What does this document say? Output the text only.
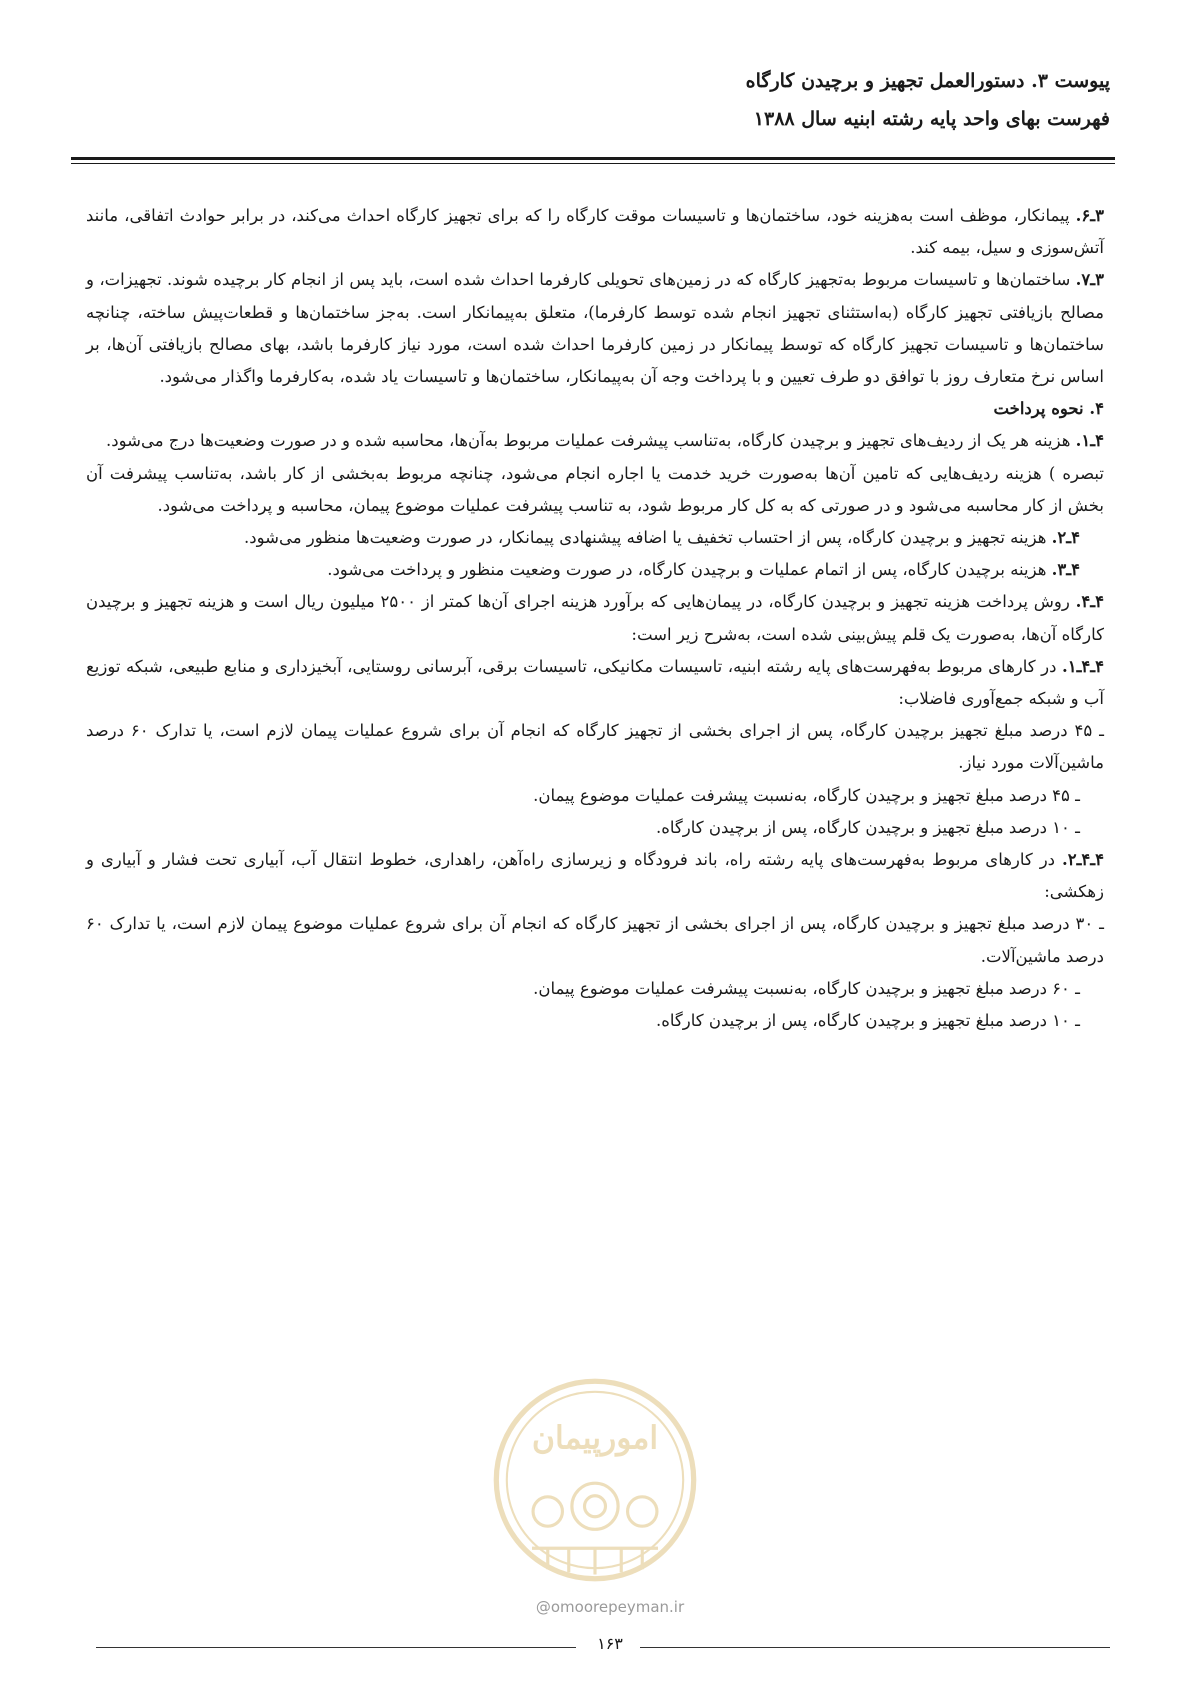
پیوست ۳. دستورالعمل تجهیز و برچیدن کارگاه
فهرست بهای واحد پایه رشته ابنیه سال ۱۳۸۸

۳ـ۶. پیمانکار، موظف است به‌هزینه خود، ساختمان‌ها و تاسیسات موقت کارگاه را که برای تجهیز کارگاه احداث می‌کند، در برابر حوادث اتفاقی، مانند آتش‌سوزی و سیل، بیمه کند.

۳ـ۷. ساختمان‌ها و تاسیسات مربوط به‌تجهیز کارگاه که در زمین‌های تحویلی کارفرما احداث شده است، باید پس از انجام کار برچیده شوند. تجهیزات، و مصالح بازیافتی تجهیز کارگاه (به‌استثنای تجهیز انجام شده توسط کارفرما)، متعلق به‌پیمانکار است. به‌جز ساختمان‌ها و قطعات‌پیش ساخته، چنانچه ساختمان‌ها و تاسیسات تجهیز کارگاه که توسط پیمانکار در زمین کارفرما احداث شده است، مورد نیاز کارفرما باشد، بهای مصالح بازیافتی آن‌ها، بر اساس نرخ متعارف روز با توافق دو طرف تعیین و با پرداخت وجه آن به‌پیمانکار، ساختمان‌ها و تاسیسات یاد شده، به‌کارفرما واگذار می‌شود.

۴. نحوه پرداخت

۴ـ۱. هزینه هر یک از ردیف‌های تجهیز و برچیدن کارگاه، به‌تناسب پیشرفت عملیات مربوط به‌آن‌ها، محاسبه شده و در صورت وضعیت‌ها درج می‌شود.

تبصره ) هزینه ردیف‌هایی که تامین آن‌ها به‌صورت خرید خدمت یا اجاره انجام می‌شود، چنانچه مربوط به‌بخشی از کار باشد، به‌تناسب پیشرفت آن بخش از کار محاسبه می‌شود و در صورتی که به کل کار مربوط شود، به تناسب پیشرفت عملیات موضوع پیمان، محاسبه و پرداخت می‌شود.

۴ـ۲. هزینه تجهیز و برچیدن کارگاه، پس از احتساب تخفیف یا اضافه پیشنهادی پیمانکار، در صورت وضعیت‌ها منظور می‌شود.

۴ـ۳. هزینه برچیدن کارگاه، پس از اتمام عملیات و برچیدن کارگاه، در صورت وضعیت منظور و پرداخت می‌شود.

۴ـ۴. روش پرداخت هزینه تجهیز و برچیدن کارگاه، در پیمان‌هایی که برآورد هزینه اجرای آن‌ها کمتر از ۲۵۰۰ میلیون ریال است و هزینه تجهیز و برچیدن کارگاه آن‌ها، به‌صورت یک قلم پیش‌بینی شده است، به‌شرح زیر است:

۴ـ۴ـ۱. در کارهای مربوط به‌فهرست‌های پایه رشته ابنیه، تاسیسات مکانیکی، تاسیسات برقی، آبرسانی روستایی، آبخیزداری و منابع طبیعی، شبکه توزیع آب و شبکه جمع‌آوری فاضلاب:

ـ ۴۵ درصد مبلغ تجهیز برچیدن کارگاه، پس از اجرای بخشی از تجهیز کارگاه که انجام آن برای شروع عملیات پیمان لازم است، یا تدارک ۶۰ درصد ماشین‌آلات مورد نیاز.

ـ ۴۵ درصد مبلغ تجهیز و برچیدن کارگاه، به‌نسبت پیشرفت عملیات موضوع پیمان.

ـ ۱۰ درصد مبلغ تجهیز و برچیدن کارگاه، پس از برچیدن کارگاه.

۴ـ۴ـ۲. در کارهای مربوط به‌فهرست‌های پایه رشته راه، باند فرودگاه و زیرسازی راه‌آهن، راهداری، خطوط انتقال آب، آبیاری تحت فشار و آبیاری و زهکشی:

ـ ۳۰ درصد مبلغ تجهیز و برچیدن کارگاه، پس از اجرای بخشی از تجهیز کارگاه که انجام آن برای شروع عملیات موضوع پیمان لازم است، یا تدارک ۶۰ درصد ماشین‌آلات.

ـ ۶۰ درصد مبلغ تجهیز و برچیدن کارگاه، به‌نسبت پیشرفت عملیات موضوع پیمان.

ـ ۱۰ درصد مبلغ تجهیز و برچیدن کارگاه، پس از برچیدن کارگاه.

امورپیمان
@omoorepeyman.ir
۱۶۳
